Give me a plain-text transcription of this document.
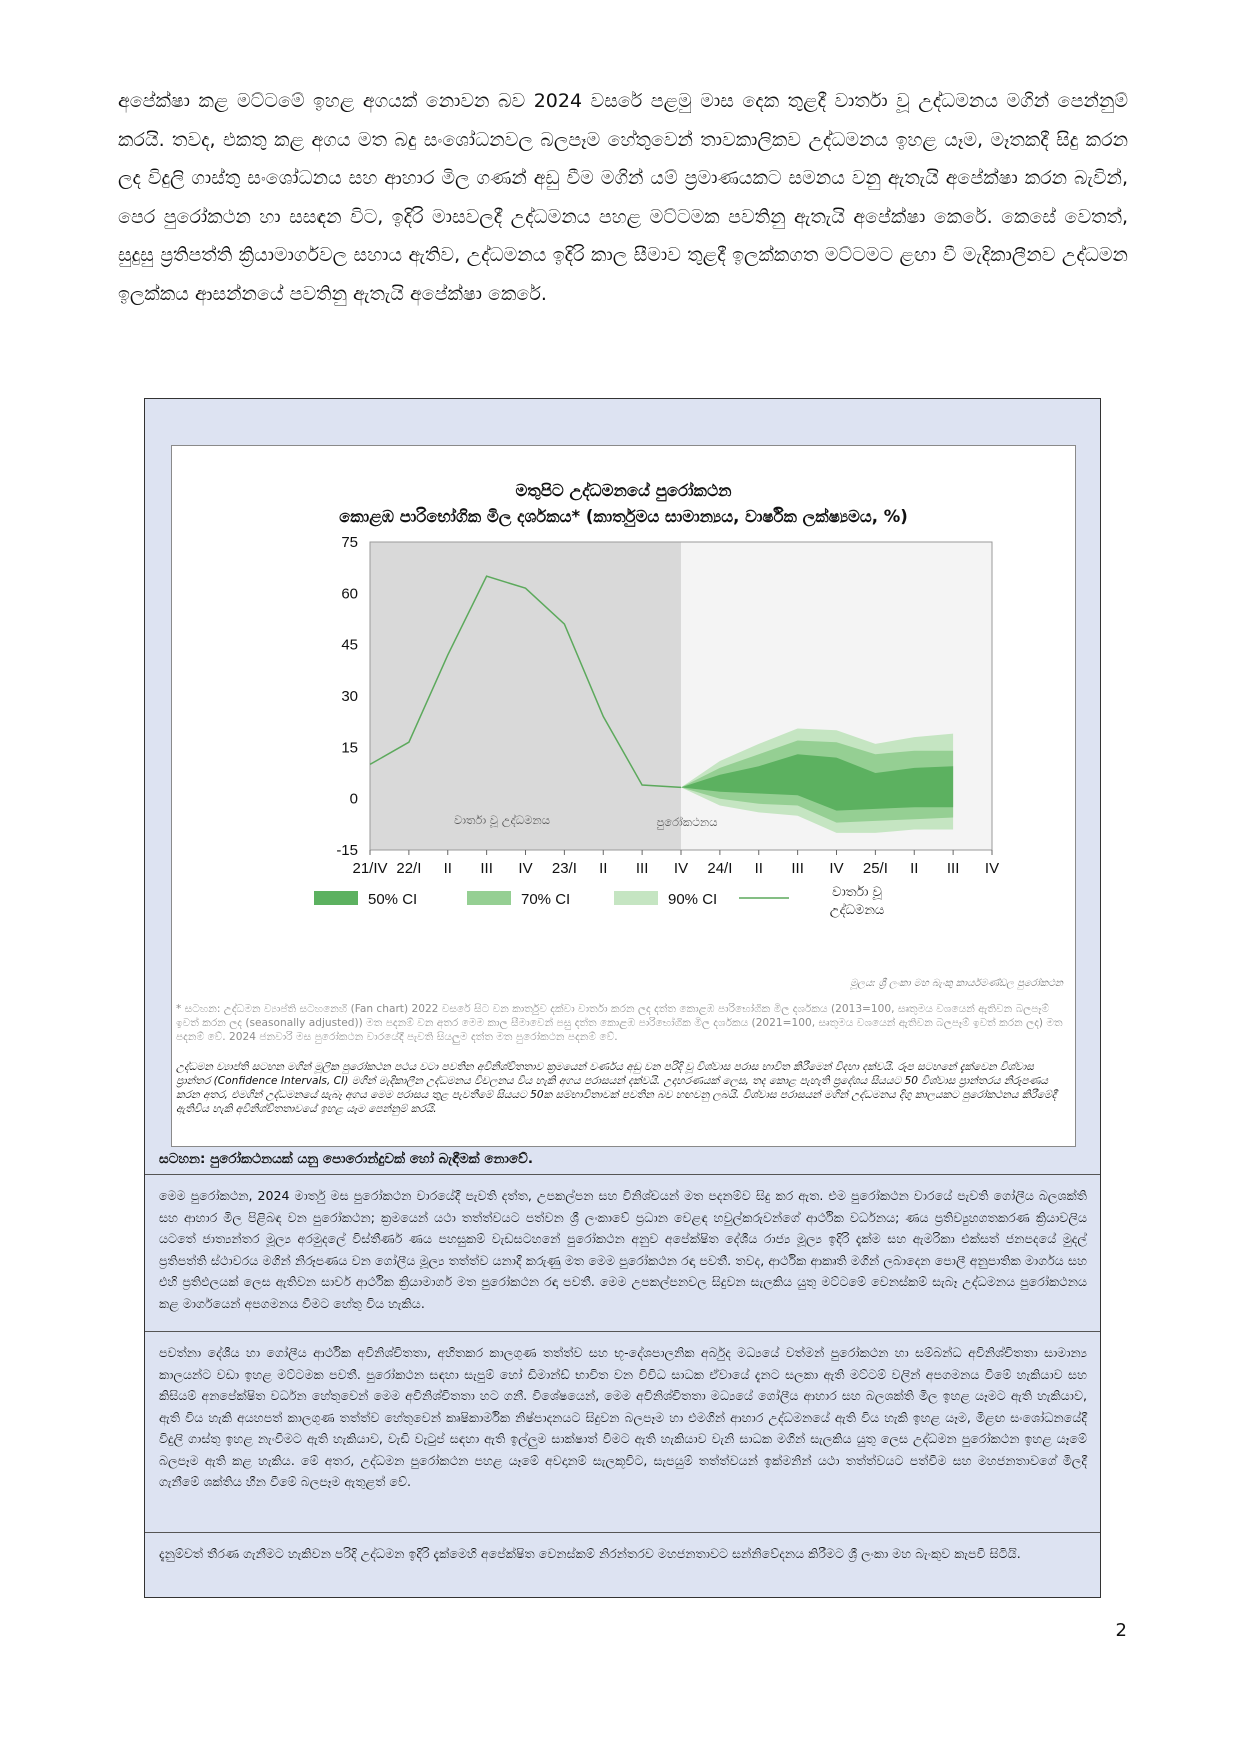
අපේක්ෂා කළ මට්ටමේ ඉහළ අගයක් නොවන බව 2024 වසරේ පළමු මාස දෙක තුළදී වාර්තා වූ උද්ධමනය මගින් පෙන්නුම් කරයි. තවද, එකතු කළ අගය මත බදු සංශෝධනවල බලපෑම හේතුවෙන් තාවකාලිකව උද්ධමනය ඉහළ යෑම, මෑතකදී සිදු කරන ලද විදුලි ගාස්තු සංශෝධනය සහ ආහාර මිල ගණන් අඩු වීම මගින් යම් ප්‍රමාණයකට සමනය වනු ඇතැයි අපේක්ෂා කරන බැවින්, පෙර පුරෝකථන හා සසඳන විට, ඉදිරි මාසවලදී උද්ධමනය පහළ මට්ටමක පවතිනු ඇතැයි අපේක්ෂා කෙරේ. කෙසේ වෙතත්, සුදුසු ප්‍රතිපත්ති ක්‍රියාමාර්ගවල සහාය ඇතිව, උද්ධමනය ඉදිරි කාල සීමාව තුළදී ඉලක්කගත මට්ටමට ළඟා වී මැදිකාලීනව උද්ධමන ඉලක්කය ආසන්නයේ පවතිනු ඇතැයි අපේක්ෂා කෙරේ.

මතුපිට උද්ධමනයේ පුරෝකථන

කොළඹ පාරිභෝගික මිල දර්ශකය* (කාර්තුමය සාමාන්‍යය, වාර්ෂික ලක්ෂ්‍යමය, %)

-15
0
15
30
45
60
75
21/IV 22/I II III IV 23/I II III IV 24/I II III IV 25/I II III IV
වාර්තා වූ උද්ධමනය	පුරෝකථනය
50% CI	70% CI	90% CI	වාර්තා වූ උද්ධමනය
මූලය: ශ්‍රී ලංකා මහ බැංකු කාර්යමණ්ඩල පුරෝකථන

* සටහන: උද්ධමන ව්‍යාප්ති සටහනෙහි (Fan chart) 2022 වසරේ සිට වන කාර්තුව දක්වා වාර්තා කරන ලද දත්ත කොළඹ පාරිභෝගික මිල දර්ශකය (2013=100, සෘතුමය වශයෙන් ඇතිවන බලපෑම් ඉවත් කරන ලද (seasonally adjusted)) මත පදනම් වන අතර මෙම කාල සීමාවෙන් පසු දත්ත කොළඹ පාරිභෝගික මිල දර්ශකය (2021=100, සෘතුමය වශයෙන් ඇතිවන බලපෑම් ඉවත් කරන ලද) මත පදනම් වේ. 2024 ජනවාරි මස පුරෝකථන වාරයේදී පැවති සියලුම දත්ත මත පුරෝකථන පදනම් වේ.

උද්ධමන ව්‍යාප්ති සටහන මගින් මූලික පුරෝකථන පථය වටා පවතින අවිනිශ්චිතතාව ක්‍රමයෙන් වර්ණය අඩු වන පරිදි වූ විශ්වාස පරාස භාවිත කිරීමෙන් විදහා දක්වයි. රූප සටහනේ දැක්වෙන විශ්වාස ප්‍රාන්තර (Confidence Intervals, CI) මගින් මැදිකාලීන උද්ධමනය විචලනය විය හැකි අගය පරාසයන් දක්වයි. උදාහරණයක් ලෙස, තද කොළ පැහැති ප්‍රදේශය සියයට 50 විශ්වාස ප්‍රාන්තරය නිරූපණය කරන අතර, එමගින් උද්ධමනයේ සැබෑ අගය මෙම පරාසය තුළ පැවතීමේ සියයට 50ක සම්භාවිතාවක් පවතින බව හඟවනු ලබයි. විශ්වාස පරාසයන් මගින් උද්ධමනය දිගු කාලයකට පුරෝකථනය කිරීමේදී ඇතිවිය හැකි අවිනිශ්චිතතාවයේ ඉහළ යෑම පෙන්නුම් කරයි.

සටහන: පුරෝකථනයක් යනු පොරොන්දුවක් හෝ බැඳීමක් නොවේ.

මෙම පුරෝකථන, 2024 මාර්තු මස පුරෝකථන වාරයේදී පැවති දත්ත, උපකල්පන සහ විනිශ්චයන් මත පදනම්ව සිදු කර ඇත. එම පුරෝකථන වාරයේ පැවති ගෝලීය බලශක්ති සහ ආහාර මිල පිළිබඳ වන පුරෝකථන; ක්‍රමයෙන් යථා තත්ත්වයට පත්වන ශ්‍රී ලංකාවේ ප්‍රධාන වෙළඳ හවුල්කරුවන්ගේ ආර්ථික වර්ධනය; ණය ප්‍රතිව්‍යුහගතකරණ ක්‍රියාවලිය යටතේ ජාත්‍යන්තර මූල්‍ය අරමුදලේ විස්තීර්ණ ණය පහසුකම් වැඩසටහනේ පුරෝකථන අනුව අපේක්ෂිත දේශීය රාජ්‍ය මූල්‍ය ඉදිරි දැක්ම සහ ඇමරිකා එක්සත් ජනපදයේ මුදල් ප්‍රතිපත්ති ස්ථාවරය මගින් නිරූපණය වන ගෝලීය මූල්‍ය තත්ත්ව යනාදී කරුණු මත මෙම පුරෝකථන රඳා පවතී. තවද, ආර්ථික ආකෘති මගින් ලබාදෙන පොලී අනුපාතික මාර්ගය සහ එහි ප්‍රතිඵලයක් ලෙස ඇතිවන සාර්ව ආර්ථික ක්‍රියාමාර්ග මත පුරෝකථන රඳා පවතී. මෙම උපකල්පනවල සිදුවන සැලකිය යුතු මට්ටමේ වෙනස්කම් සැබෑ උද්ධමනය පුරෝකථනය කළ මාර්ගයෙන් අපගමනය වීමට හේතු විය හැකිය.

පවත්නා දේශීය හා ගෝලීය ආර්ථික අවිනිශ්චිතතා, අහිතකර කාලගුණ තත්ත්ව සහ භූ-දේශපාලනික අර්බුද මධ්‍යයේ වත්මන් පුරෝකථන හා සම්බන්ධ අවිනිශ්චිතතා සාමාන්‍ය කාලයන්ට වඩා ඉහළ මට්ටමක පවතී. පුරෝකථන සඳහා සැපුම් හෝ ඩිමාන්ඩ් භාවිත වන විවිධ සාධක ඒවායේ දැනට සලකා ඇති මට්ටම් වලින් අපගමනය වීමේ හැකියාව සහ කිසියම් අනපේක්ෂිත වර්ධන හේතුවෙන් මෙම අවිනිශ්චිතතා හට ගනී. විශේෂයෙන්, මෙම අවිනිශ්චිතතා මධ්‍යයේ ගෝලීය ආහාර සහ බලශක්ති මිල ඉහළ යෑමට ඇති හැකියාව, ඇති විය හැකි අයහපත් කාලගුණ තත්ත්ව හේතුවෙන් කෘෂිකාර්මික නිෂ්පාදනයට සිදුවන බලපෑම හා එමගින් ආහාර උද්ධමනයේ ඇති විය හැකි ඉහළ යෑම, මිළඟ සංශෝධනයේදී විදුලි ගාස්තු ඉහළ නැංවීමට ඇති හැකියාව, වැඩි වැටුප් සඳහා ඇති ඉල්ලුම සාක්ෂාත් වීමට ඇති හැකියාව වැනි සාධක මගින් සැලකිය යුතු ලෙස උද්ධමන පුරෝකථන ඉහළ යෑමේ බලපෑම ඇති කළ හැකිය. මේ අතර, උද්ධමන පුරෝකථන පහළ යෑමේ අවදානම් සැලකූවිට, සැපයුම් තත්ත්වයන් ඉක්මනින් යථා තත්ත්වයට පත්වීම සහ මහජනතාවගේ මිලදී ගැනීමේ ශක්තිය හීන වීමේ බලපෑම ඇතුළත් වේ.

දැනුම්වත් තීරණ ගැනීමට හැකිවන පරිදි උද්ධමන ඉදිරි දැක්මෙහි අපේක්ෂිත වෙනස්කම් නිරන්තරව මහජනතාවට සන්නිවේදනය කිරීමට ශ්‍රී ලංකා මහ බැංකුව කැපවී සිටියි.

2
